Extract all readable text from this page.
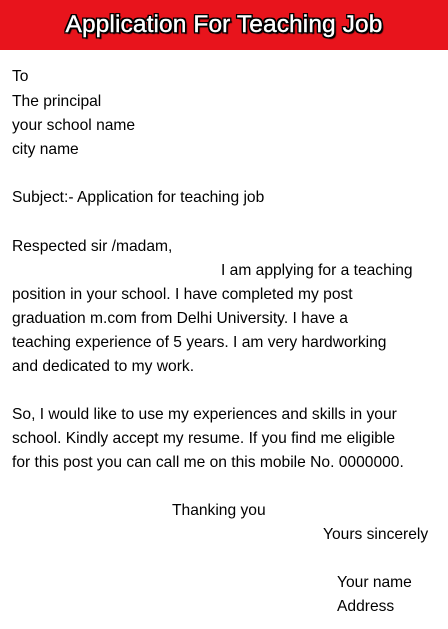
Application For Teaching Job

To

The principal

your school name

city name

Subject:- Application for teaching job

Respected sir /madam,

I am applying for a teaching

position in your school. I have completed my post

graduation m.com from Delhi University. I have a

teaching experience of 5 years. I am very hardworking

and dedicated to my work.

So, I would like to use my experiences and skills in your

school. Kindly accept my resume. If you find me eligible

for this post you can call me on this mobile No. 0000000.

Thanking you

Yours sincerely

Your name

Address
